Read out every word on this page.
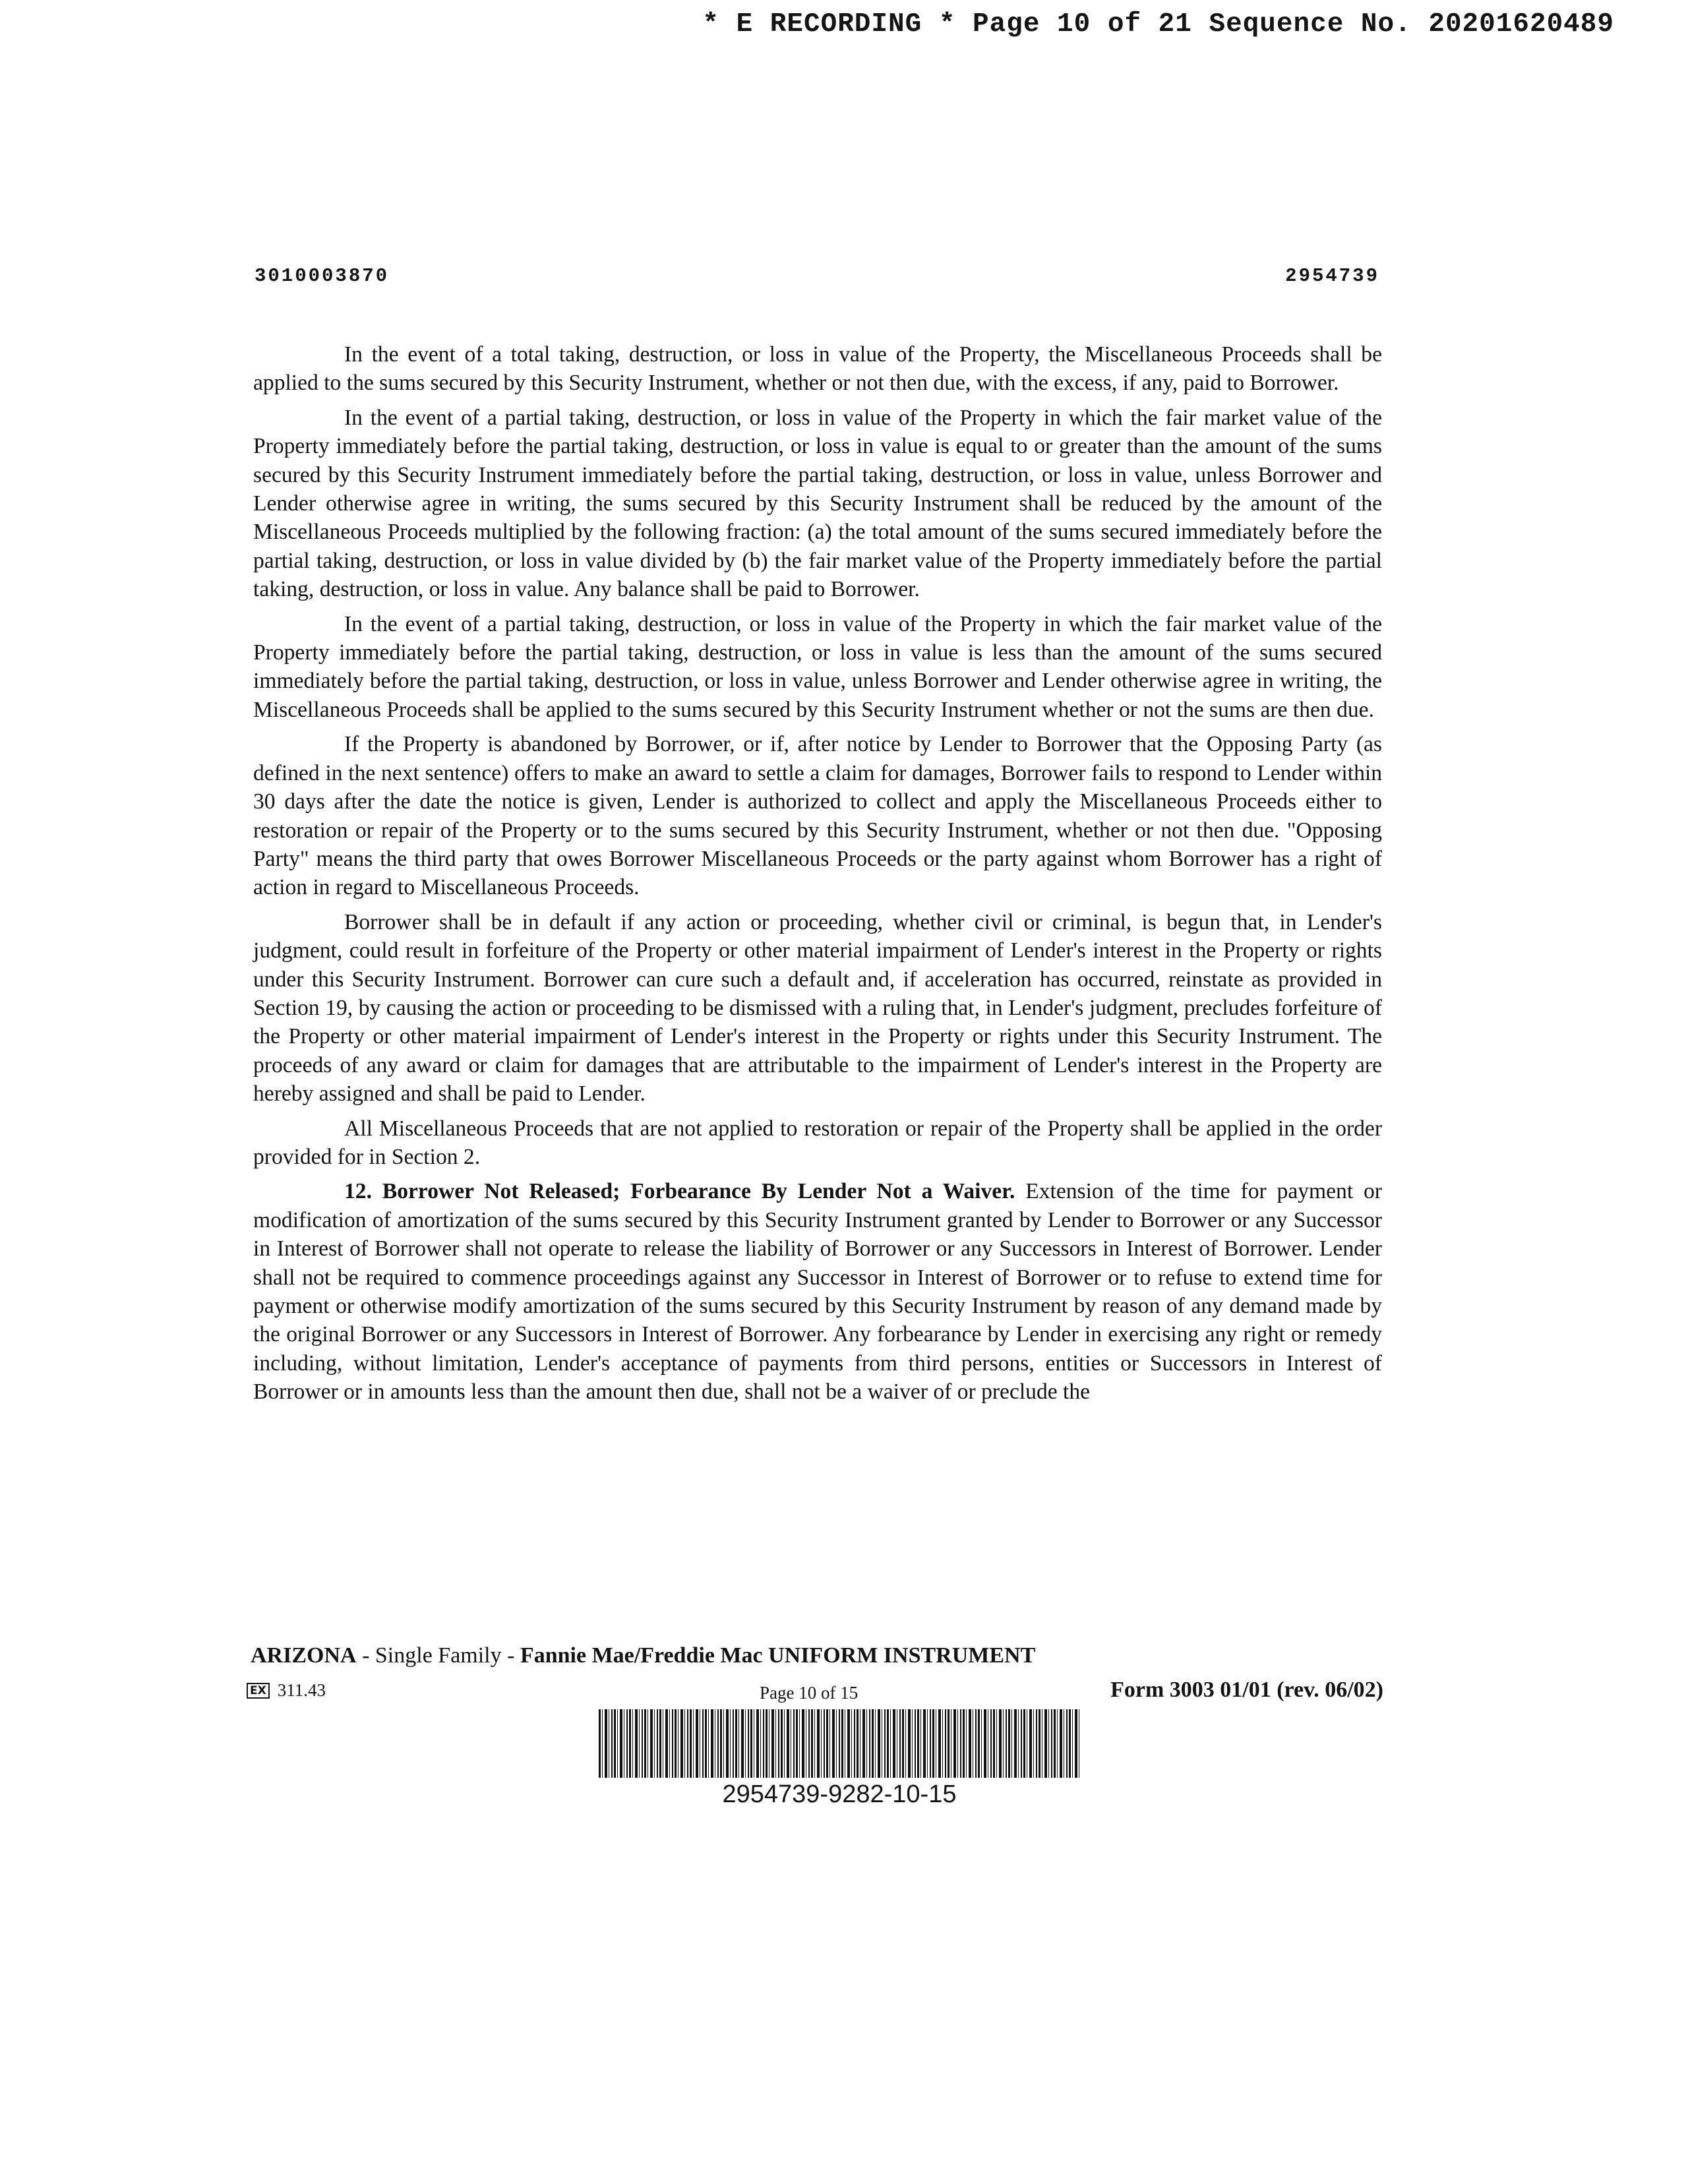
* E RECORDING * Page 10 of 21 Sequence No. 20201620489
3010003870	2954739

In the event of a total taking, destruction, or loss in value of the Property, the Miscellaneous Proceeds shall be applied to the sums secured by this Security Instrument, whether or not then due, with the excess, if any, paid to Borrower.

In the event of a partial taking, destruction, or loss in value of the Property in which the fair market value of the Property immediately before the partial taking, destruction, or loss in value is equal to or greater than the amount of the sums secured by this Security Instrument immediately before the partial taking, destruction, or loss in value, unless Borrower and Lender otherwise agree in writing, the sums secured by this Security Instrument shall be reduced by the amount of the Miscellaneous Proceeds multiplied by the following fraction: (a) the total amount of the sums secured immediately before the partial taking, destruction, or loss in value divided by (b) the fair market value of the Property immediately before the partial taking, destruction, or loss in value. Any balance shall be paid to Borrower.

In the event of a partial taking, destruction, or loss in value of the Property in which the fair market value of the Property immediately before the partial taking, destruction, or loss in value is less than the amount of the sums secured immediately before the partial taking, destruction, or loss in value, unless Borrower and Lender otherwise agree in writing, the Miscellaneous Proceeds shall be applied to the sums secured by this Security Instrument whether or not the sums are then due.

If the Property is abandoned by Borrower, or if, after notice by Lender to Borrower that the Opposing Party (as defined in the next sentence) offers to make an award to settle a claim for damages, Borrower fails to respond to Lender within 30 days after the date the notice is given, Lender is authorized to collect and apply the Miscellaneous Proceeds either to restoration or repair of the Property or to the sums secured by this Security Instrument, whether or not then due. "Opposing Party" means the third party that owes Borrower Miscellaneous Proceeds or the party against whom Borrower has a right of action in regard to Miscellaneous Proceeds.

Borrower shall be in default if any action or proceeding, whether civil or criminal, is begun that, in Lender's judgment, could result in forfeiture of the Property or other material impairment of Lender's interest in the Property or rights under this Security Instrument. Borrower can cure such a default and, if acceleration has occurred, reinstate as provided in Section 19, by causing the action or proceeding to be dismissed with a ruling that, in Lender's judgment, precludes forfeiture of the Property or other material impairment of Lender's interest in the Property or rights under this Security Instrument. The proceeds of any award or claim for damages that are attributable to the impairment of Lender's interest in the Property are hereby assigned and shall be paid to Lender.

All Miscellaneous Proceeds that are not applied to restoration or repair of the Property shall be applied in the order provided for in Section 2.

12. Borrower Not Released; Forbearance By Lender Not a Waiver. Extension of the time for payment or modification of amortization of the sums secured by this Security Instrument granted by Lender to Borrower or any Successor in Interest of Borrower shall not operate to release the liability of Borrower or any Successors in Interest of Borrower. Lender shall not be required to commence proceedings against any Successor in Interest of Borrower or to refuse to extend time for payment or otherwise modify amortization of the sums secured by this Security Instrument by reason of any demand made by the original Borrower or any Successors in Interest of Borrower. Any forbearance by Lender in exercising any right or remedy including, without limitation, Lender's acceptance of payments from third persons, entities or Successors in Interest of Borrower or in amounts less than the amount then due, shall not be a waiver of or preclude the

ARIZONA - Single Family - Fannie Mae/Freddie Mac UNIFORM INSTRUMENT
EX 311.43	Page 10 of 15	Form 3003 01/01 (rev. 06/02)
2954739-9282-10-15
